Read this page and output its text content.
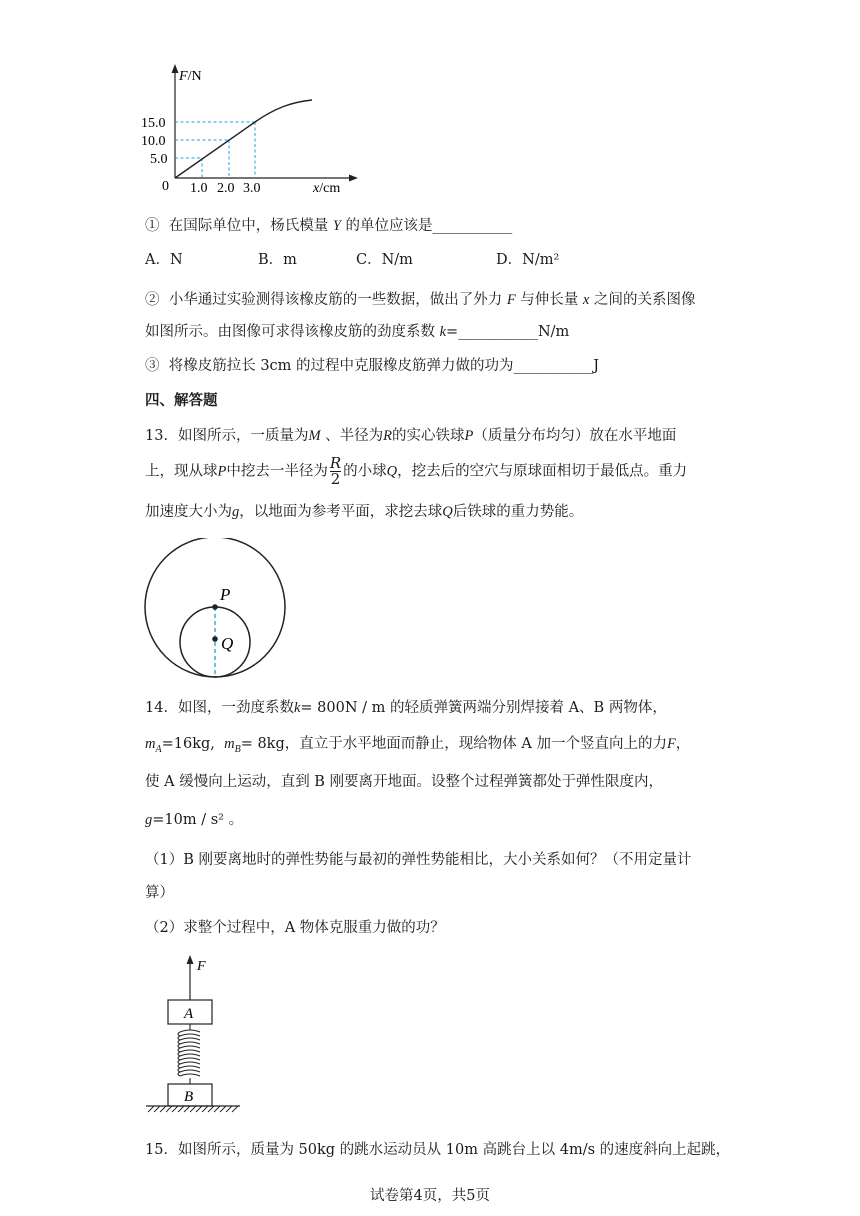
F/N
15.0
10.0
5.0
0 1.0 2.0 3.0	x/cm
① 在国际单位中，杨氏模量 Y 的单位应该是___________
A．N	B．m	C．N/m	D．N/m²
② 小华通过实验测得该橡皮筋的一些数据，做出了外力 F 与伸长量 x 之间的关系图像
如图所示。由图像可求得该橡皮筋的劲度系数 k=___________N/m
③ 将橡皮筋拉长 3cm 的过程中克服橡皮筋弹力做的功为___________J
四、解答题
13．如图所示，一质量为M 、半径为R的实心铁球P（质量分布均匀）放在水平地面
上，现从球P中挖去一半径为 $\frac{R}{2}$ 的小球Q，挖去后的空穴与原球面相切于最低点。重力
加速度大小为g，以地面为参考平面，求挖去球Q后铁球的重力势能。
P
Q
14．如图，一劲度系数k= 800N / m 的轻质弹簧两端分别焊接着 A、B 两物体，
$m_A=16kg$, $m_B= 8kg$，直立于水平地面而静止，现给物体 A 加一个竖直向上的力F，
使 A 缓慢向上运动，直到 B 刚要离开地面。设整个过程弹簧都处于弹性限度内，
g=10m / s² 。
（1）B 刚要离地时的弹性势能与最初的弹性势能相比，大小关系如何？（不用定量计
算）
（2）求整个过程中，A 物体克服重力做的功？
F
A
B
15．如图所示，质量为 50kg 的跳水运动员从 10m 高跳台上以 4m/s 的速度斜向上起跳，
试卷第4页，共5页
